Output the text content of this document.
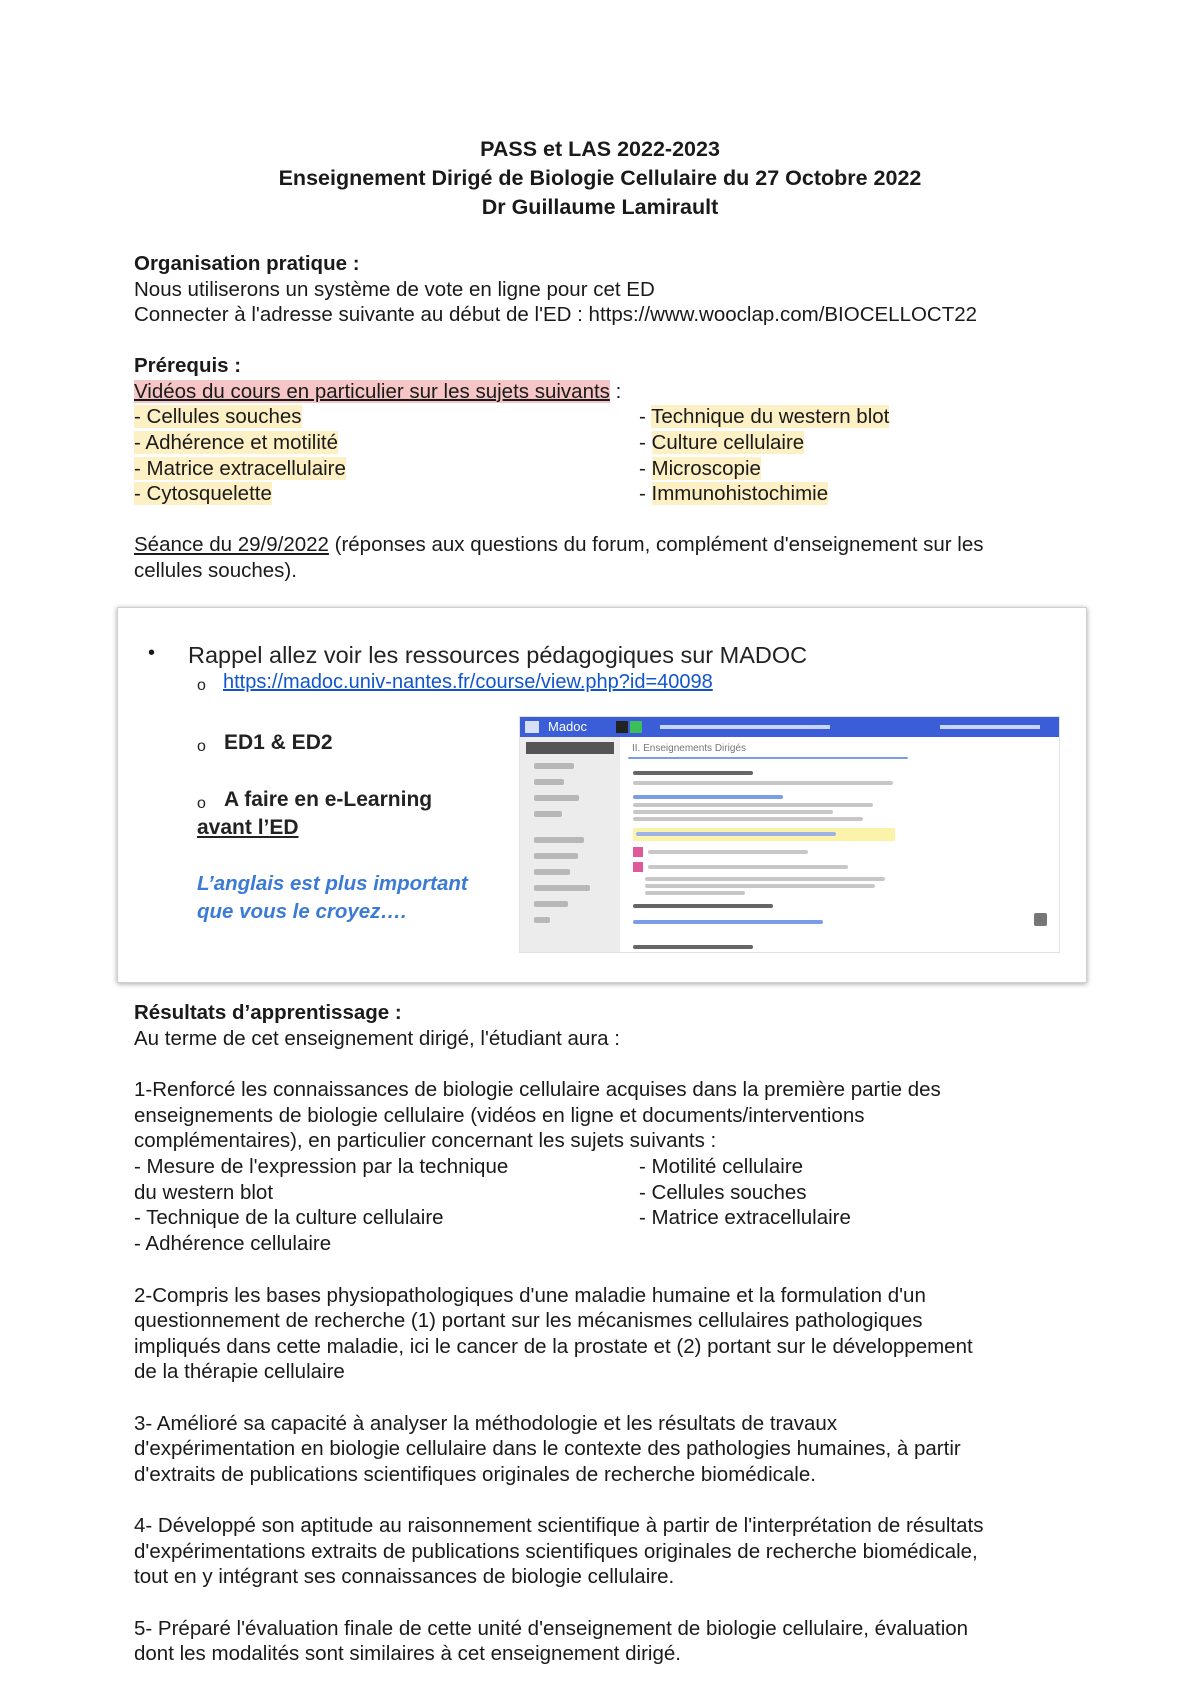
PASS et LAS 2022-2023
Enseignement Dirigé de Biologie Cellulaire du 27 Octobre 2022
Dr Guillaume Lamirault
Organisation pratique :
Nous utiliserons un système de vote en ligne pour cet ED
Connecter à l'adresse suivante au début de l'ED : https://www.wooclap.com/BIOCELLOCT22
Prérequis :
Vidéos du cours en particulier sur les sujets suivants :
- Cellules souches
- Adhérence et motilité
- Matrice extracellulaire
- Cytosquelette
- Technique du western blot
- Culture cellulaire
- Microscopie
- Immunohistochimie
Séance du 29/9/2022 (réponses aux questions du forum, complément d'enseignement sur les
cellules souches).
• Rappel allez voir les ressources pédagogiques sur MADOC
o https://madoc.univ-nantes.fr/course/view.php?id=40098
o ED1 & ED2
o A faire en e-Learning
avant l’ED
L’anglais est plus important
que vous le croyez….
Madoc
II. Enseignements Dirigés
Résultats d’apprentissage :
Au terme de cet enseignement dirigé, l'étudiant aura :
1-Renforcé les connaissances de biologie cellulaire acquises dans la première partie des
enseignements de biologie cellulaire (vidéos en ligne et documents/interventions
complémentaires), en particulier concernant les sujets suivants :
- Mesure de l'expression par la technique
du western blot
- Technique de la culture cellulaire
- Adhérence cellulaire
- Motilité cellulaire
- Cellules souches
- Matrice extracellulaire
2-Compris les bases physiopathologiques d'une maladie humaine et la formulation d'un
questionnement de recherche (1) portant sur les mécanismes cellulaires pathologiques
impliqués dans cette maladie, ici le cancer de la prostate et (2) portant sur le développement
de la thérapie cellulaire
3- Amélioré sa capacité à analyser la méthodologie et les résultats de travaux
d'expérimentation en biologie cellulaire dans le contexte des pathologies humaines, à partir
d'extraits de publications scientifiques originales de recherche biomédicale.
4- Développé son aptitude au raisonnement scientifique à partir de l'interprétation de résultats
d'expérimentations extraits de publications scientifiques originales de recherche biomédicale,
tout en y intégrant ses connaissances de biologie cellulaire.
5- Préparé l'évaluation finale de cette unité d'enseignement de biologie cellulaire, évaluation
dont les modalités sont similaires à cet enseignement dirigé.
